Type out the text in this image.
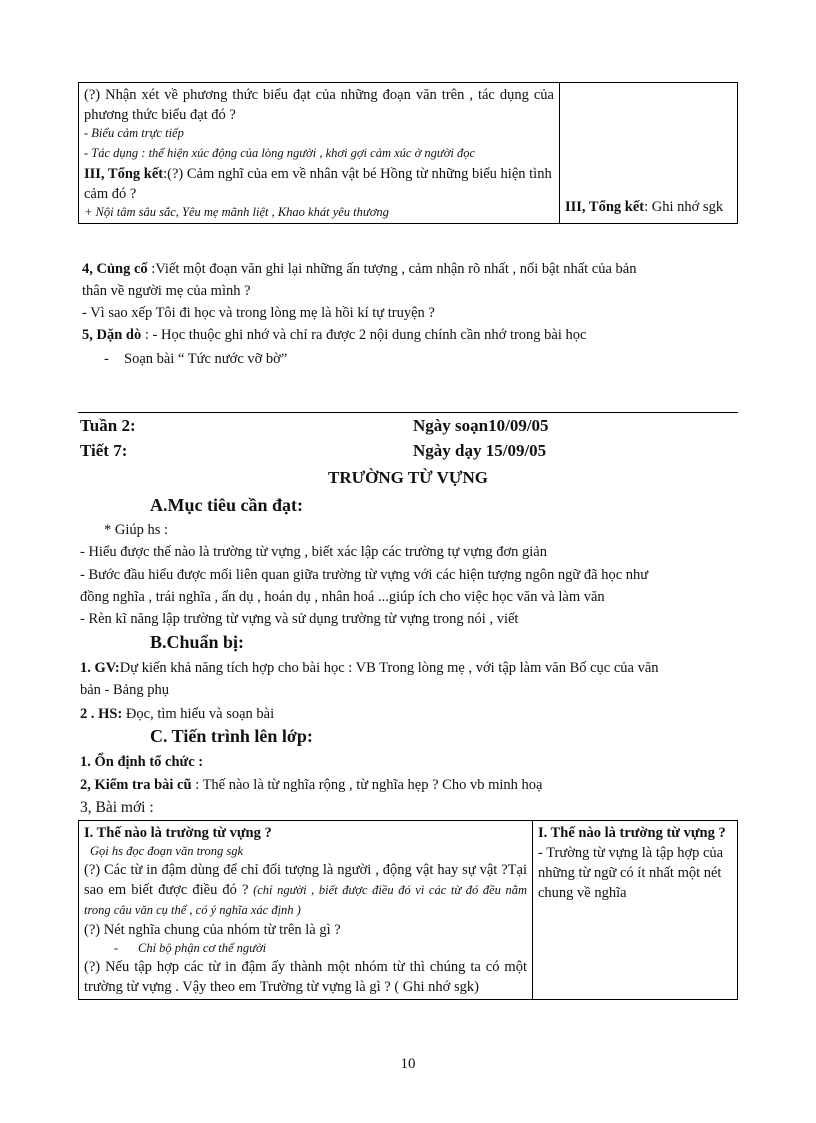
(?) Nhận xét về phương thức biểu đạt của những đoạn văn trên , tác dụng của phương thức biểu đạt đó ?
- Biểu cảm trực tiếp
- Tác dụng : thể hiện xúc động của lòng người , khơi gợi cảm xúc ở người đọc
III, Tổng kết:(?) Cảm nghĩ của em về nhân vật bé Hồng từ những biểu hiện tình cảm đó ?
+ Nội tâm sâu sắc, Yêu mẹ mãnh liệt , Khao khát yêu thương	III, Tổng kết: Ghi nhớ sgk
4, Củng cố :Viết một đoạn văn ghi lại những ấn tượng , cảm nhận rõ nhất , nổi bật nhất của bản
thân về người mẹ của mình ?
- Vì sao xếp Tôi đi học và trong lòng mẹ là hồi kí tự truyện ?
5, Dặn dò : - Học thuộc ghi nhớ và chỉ ra được 2 nội dung chính cần nhớ trong bài học
- Soạn bài “ Tức nước vỡ bờ”
Tuần 2:	Ngày soạn10/09/05
Tiết 7:	Ngày dạy 15/09/05
TRƯỜNG TỪ VỰNG
A.Mục tiêu cần đạt:
* Giúp hs :
- Hiểu được thế nào là trường từ vựng , biết xác lập các trường tự vựng đơn giản
- Bước đầu hiểu được mối liên quan giữa trường từ vựng với các hiện tượng ngôn ngữ đã học như
đồng nghĩa , trái nghĩa , ẩn dụ , hoán dụ , nhân hoá ...giúp ích cho việc học văn và làm văn
- Rèn kĩ năng lập trường từ vựng và sử dụng trường từ vựng trong nói , viết
B.Chuẩn bị:
1. GV:Dự kiến khả năng tích hợp cho bài học : VB Trong lòng mẹ , với tập làm văn Bố cục của văn
bản - Bảng phụ
2 . HS: Đọc, tìm hiểu và soạn bài
C. Tiến trình lên lớp:
1. Ổn định tổ chức :
2, Kiểm tra bài cũ : Thế nào là từ nghĩa rộng , từ nghĩa hẹp ? Cho vb minh hoạ
3, Bài mới :
I. Thế nào là trường từ vựng ?
Gọi hs đọc đoạn văn trong sgk
(?) Các từ in đậm dùng để chỉ đối tượng là người , động vật hay sự vật ?Tại sao em biết được điều đó ? (chỉ người , biết được điều đó vì các từ đó đều nằm trong câu văn cụ thể , có ý nghĩa xác định )
(?) Nét nghĩa chung của nhóm từ trên là gì ?
- Chỉ bộ phận cơ thể người
(?) Nếu tập hợp các từ in đậm ấy thành một nhóm từ thì chúng ta có một trường từ vựng . Vậy theo em Trường từ vựng là gì ? ( Ghi nhớ sgk)

I. Thế nào là trường từ vựng ?
- Trường từ vựng là tập hợp của những từ ngữ có ít nhất một nét chung về nghĩa
10
